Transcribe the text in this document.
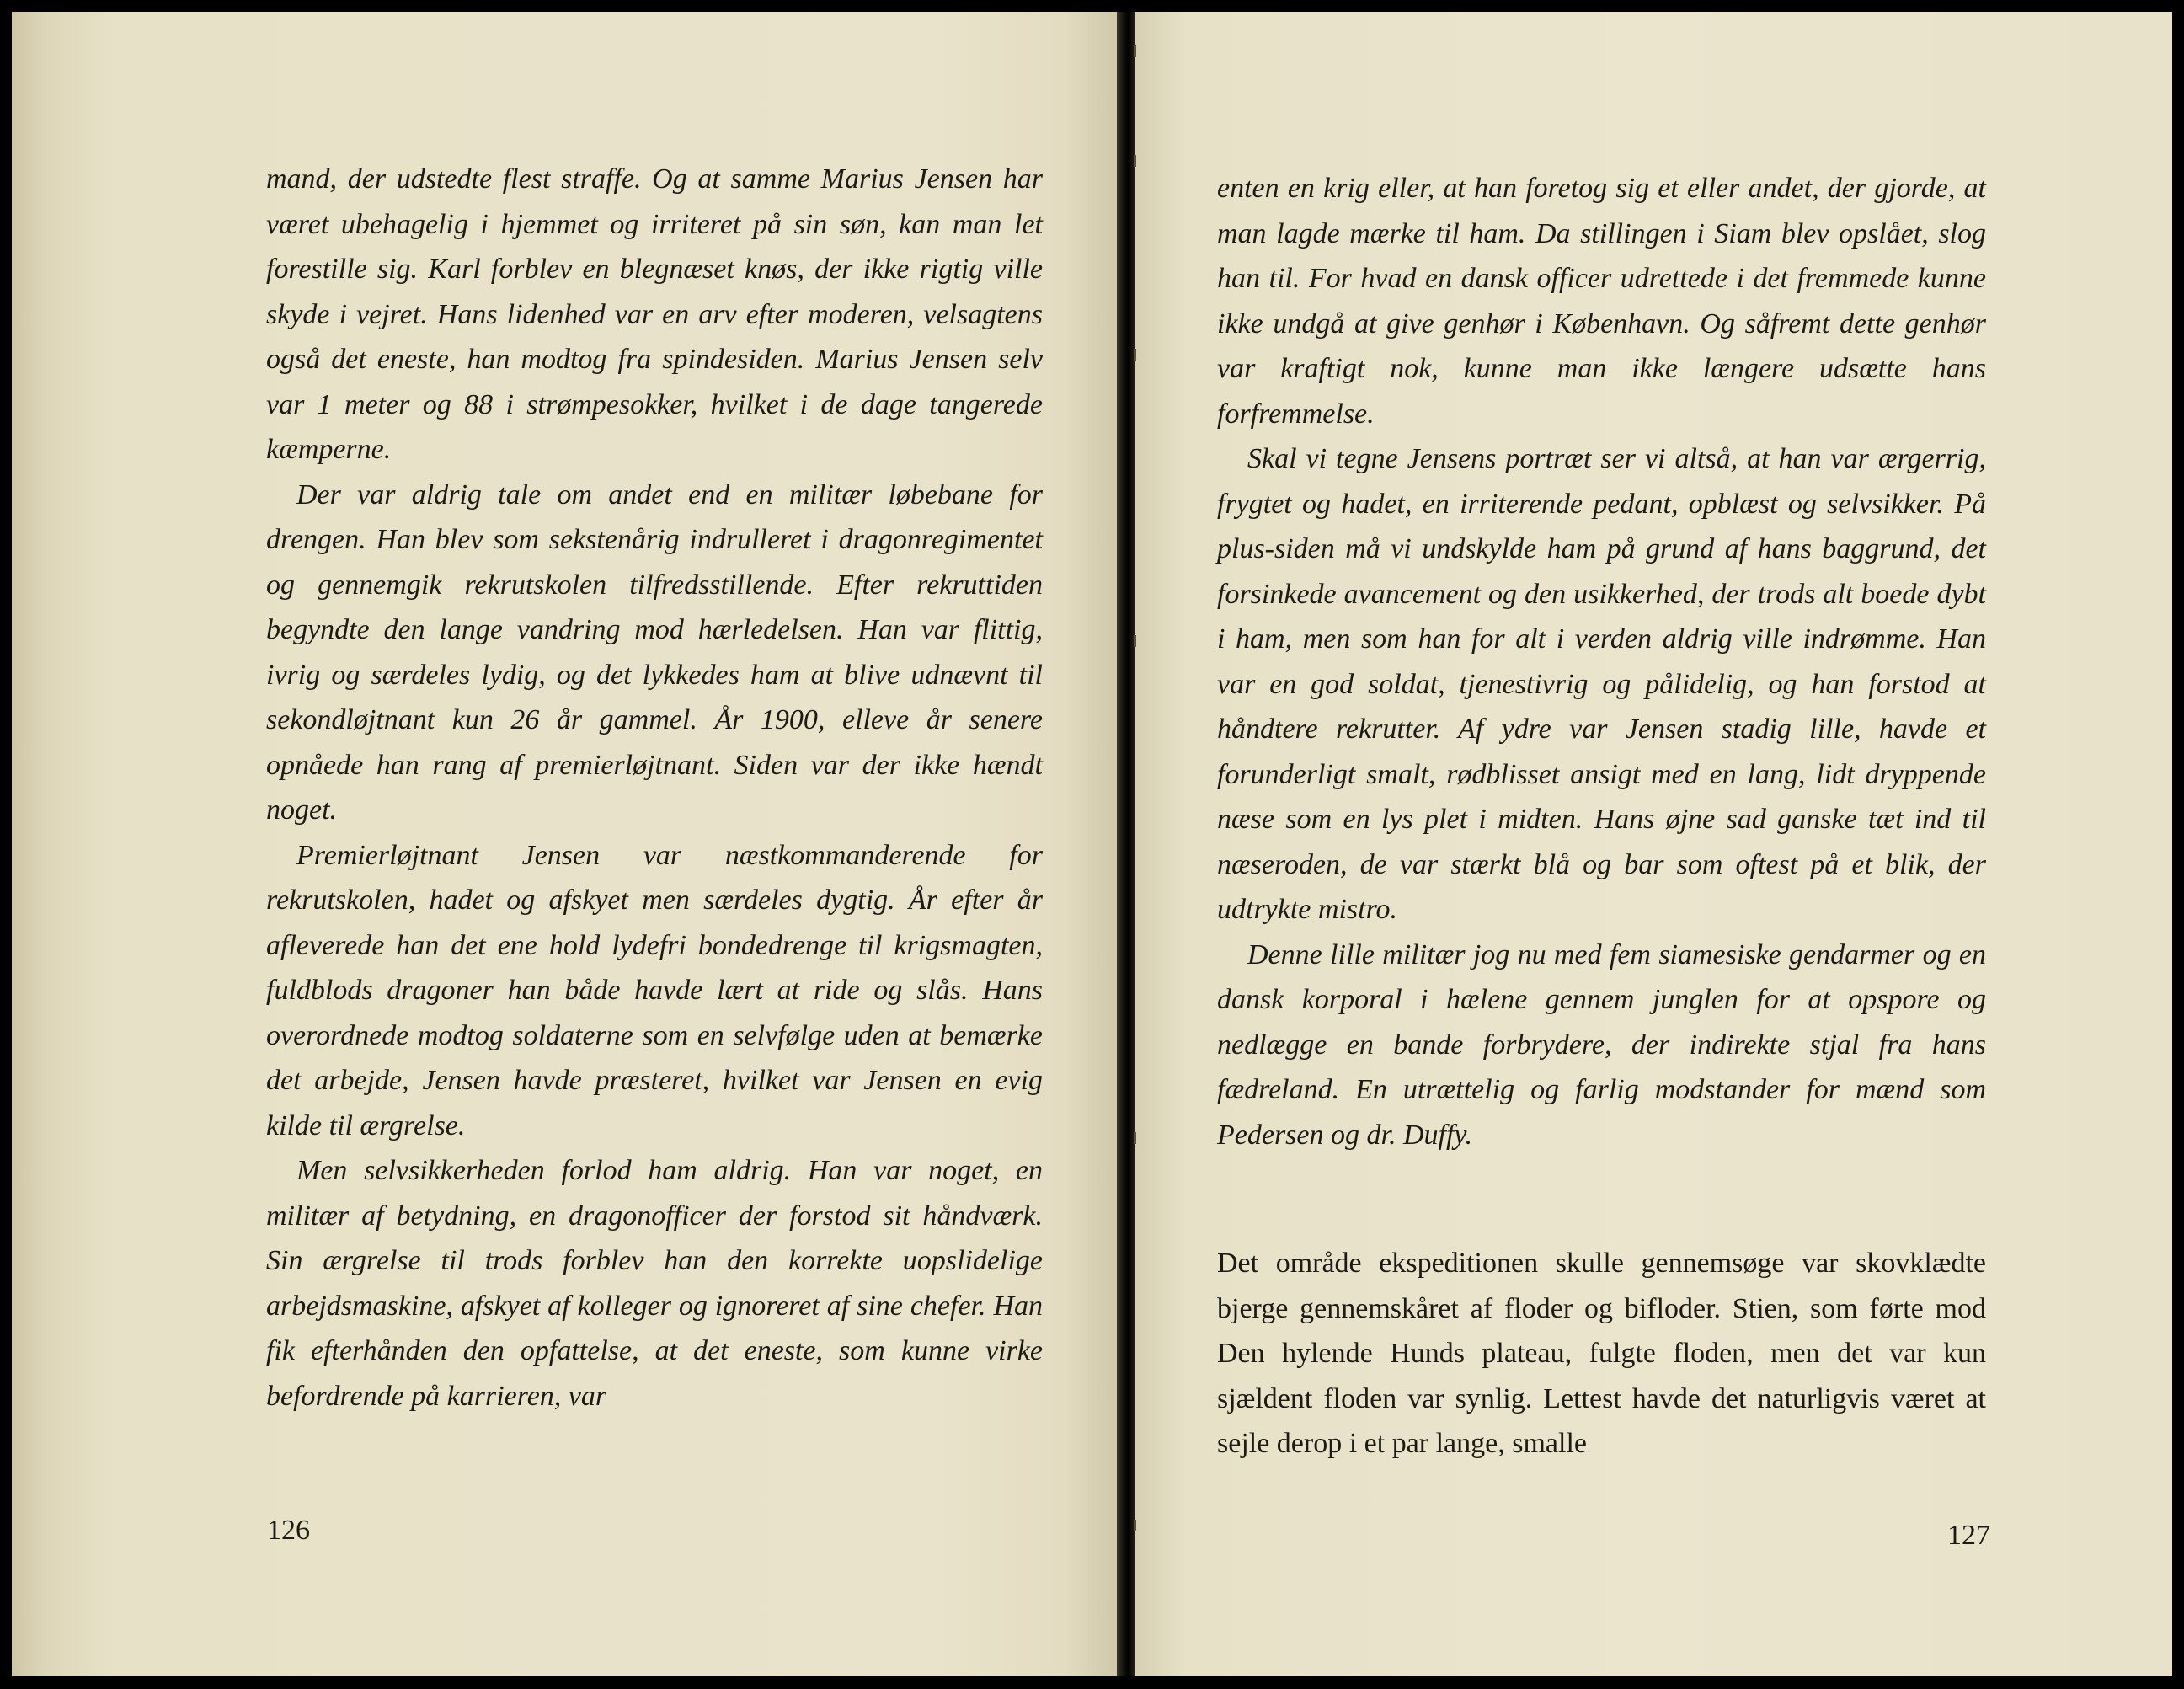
mand, der udstedte flest straffe. Og at samme Marius Jensen har været ubehagelig i hjemmet og irriteret på sin søn, kan man let forestille sig. Karl forblev en blegnæset knøs, der ikke rigtig ville skyde i vejret. Hans lidenhed var en arv efter moderen, velsagtens også det eneste, han modtog fra spindesiden. Marius Jensen selv var 1 meter og 88 i strømpesokker, hvilket i de dage tangerede kæmperne.

Der var aldrig tale om andet end en militær løbebane for drengen. Han blev som sekstenårig indrulleret i dragonregimentet og gennemgik rekrutskolen tilfredsstillende. Efter rekruttiden begyndte den lange vandring mod hærledelsen. Han var flittig, ivrig og særdeles lydig, og det lykkedes ham at blive udnævnt til sekondløjtnant kun 26 år gammel. År 1900, elleve år senere opnåede han rang af premierløjtnant. Siden var der ikke hændt noget.

Premierløjtnant Jensen var næstkommanderende for rekrutskolen, hadet og afskyet men særdeles dygtig. År efter år afleverede han det ene hold lydefri bondedrenge til krigsmagten, fuldblods dragoner han både havde lært at ride og slås. Hans overordnede modtog soldaterne som en selvfølge uden at bemærke det arbejde, Jensen havde præsteret, hvilket var Jensen en evig kilde til ærgrelse.

Men selvsikkerheden forlod ham aldrig. Han var noget, en militær af betydning, en dragonofficer der forstod sit håndværk. Sin ærgrelse til trods forblev han den korrekte uopslidelige arbejdsmaskine, afskyet af kolleger og ignoreret af sine chefer. Han fik efterhånden den opfattelse, at det eneste, som kunne virke befordrende på karrieren, var

126

enten en krig eller, at han foretog sig et eller andet, der gjorde, at man lagde mærke til ham. Da stillingen i Siam blev opslået, slog han til. For hvad en dansk officer udrettede i det fremmede kunne ikke undgå at give genhør i København. Og såfremt dette genhør var kraftigt nok, kunne man ikke længere udsætte hans forfremmelse.

Skal vi tegne Jensens portræt ser vi altså, at han var ærgerrig, frygtet og hadet, en irriterende pedant, opblæst og selvsikker. På plus-siden må vi undskylde ham på grund af hans baggrund, det forsinkede avancement og den usikkerhed, der trods alt boede dybt i ham, men som han for alt i verden aldrig ville indrømme. Han var en god soldat, tjenestivrig og pålidelig, og han forstod at håndtere rekrutter. Af ydre var Jensen stadig lille, havde et forunderligt smalt, rødblisset ansigt med en lang, lidt dryppende næse som en lys plet i midten. Hans øjne sad ganske tæt ind til næseroden, de var stærkt blå og bar som oftest på et blik, der udtrykte mistro.

Denne lille militær jog nu med fem siamesiske gendarmer og en dansk korporal i hælene gennem junglen for at opspore og nedlægge en bande forbrydere, der indirekte stjal fra hans fædreland. En utrættelig og farlig modstander for mænd som Pedersen og dr. Duffy.

Det område ekspeditionen skulle gennemsøge var skovklædte bjerge gennemskåret af floder og bifloder. Stien, som førte mod Den hylende Hunds plateau, fulgte floden, men det var kun sjældent floden var synlig. Lettest havde det naturligvis været at sejle derop i et par lange, smalle

127
